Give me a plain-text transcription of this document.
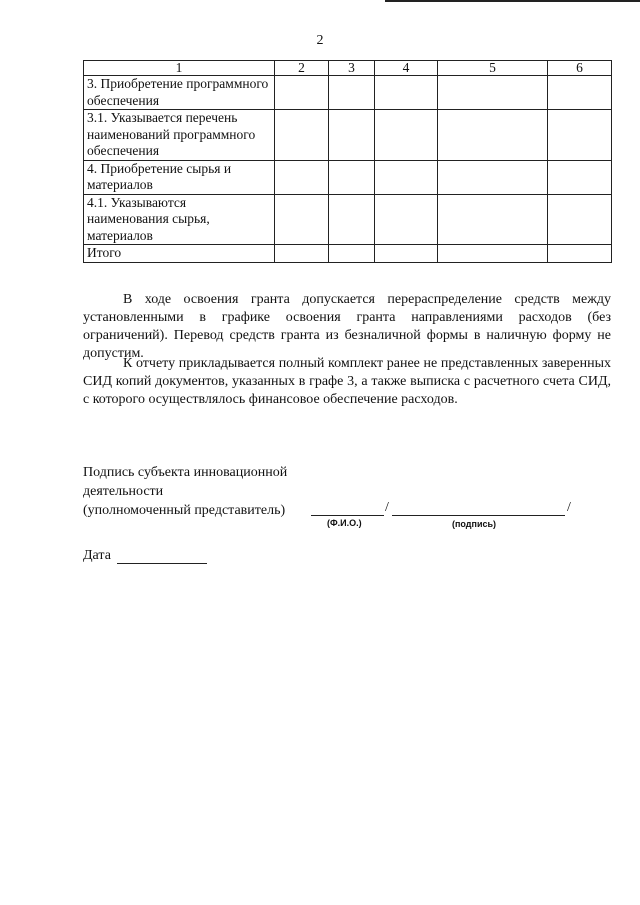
2
1	2	3	4	5	6
3. Приобретение программного обеспечения					
3.1. Указывается перечень наименований программного обеспечения					
4. Приобретение сырья и материалов					
4.1. Указываются наименования сырья, материалов					
Итого					

В ходе освоения гранта допускается перераспределение средств между установленными в графике освоения гранта направлениями расходов (без ограничений). Перевод средств гранта из безналичной формы в наличную форму не допустим.

К отчету прикладывается полный комплект ранее не представленных заверенных СИД копий документов, указанных в графе 3, а также выписка с расчетного счета СИД, с которого осуществлялось финансовое обеспечение расходов.

Подпись субъекта инновационной
деятельности
(уполномоченный представитель)	/	/
(Ф.И.О.)	(подпись)
Дата
